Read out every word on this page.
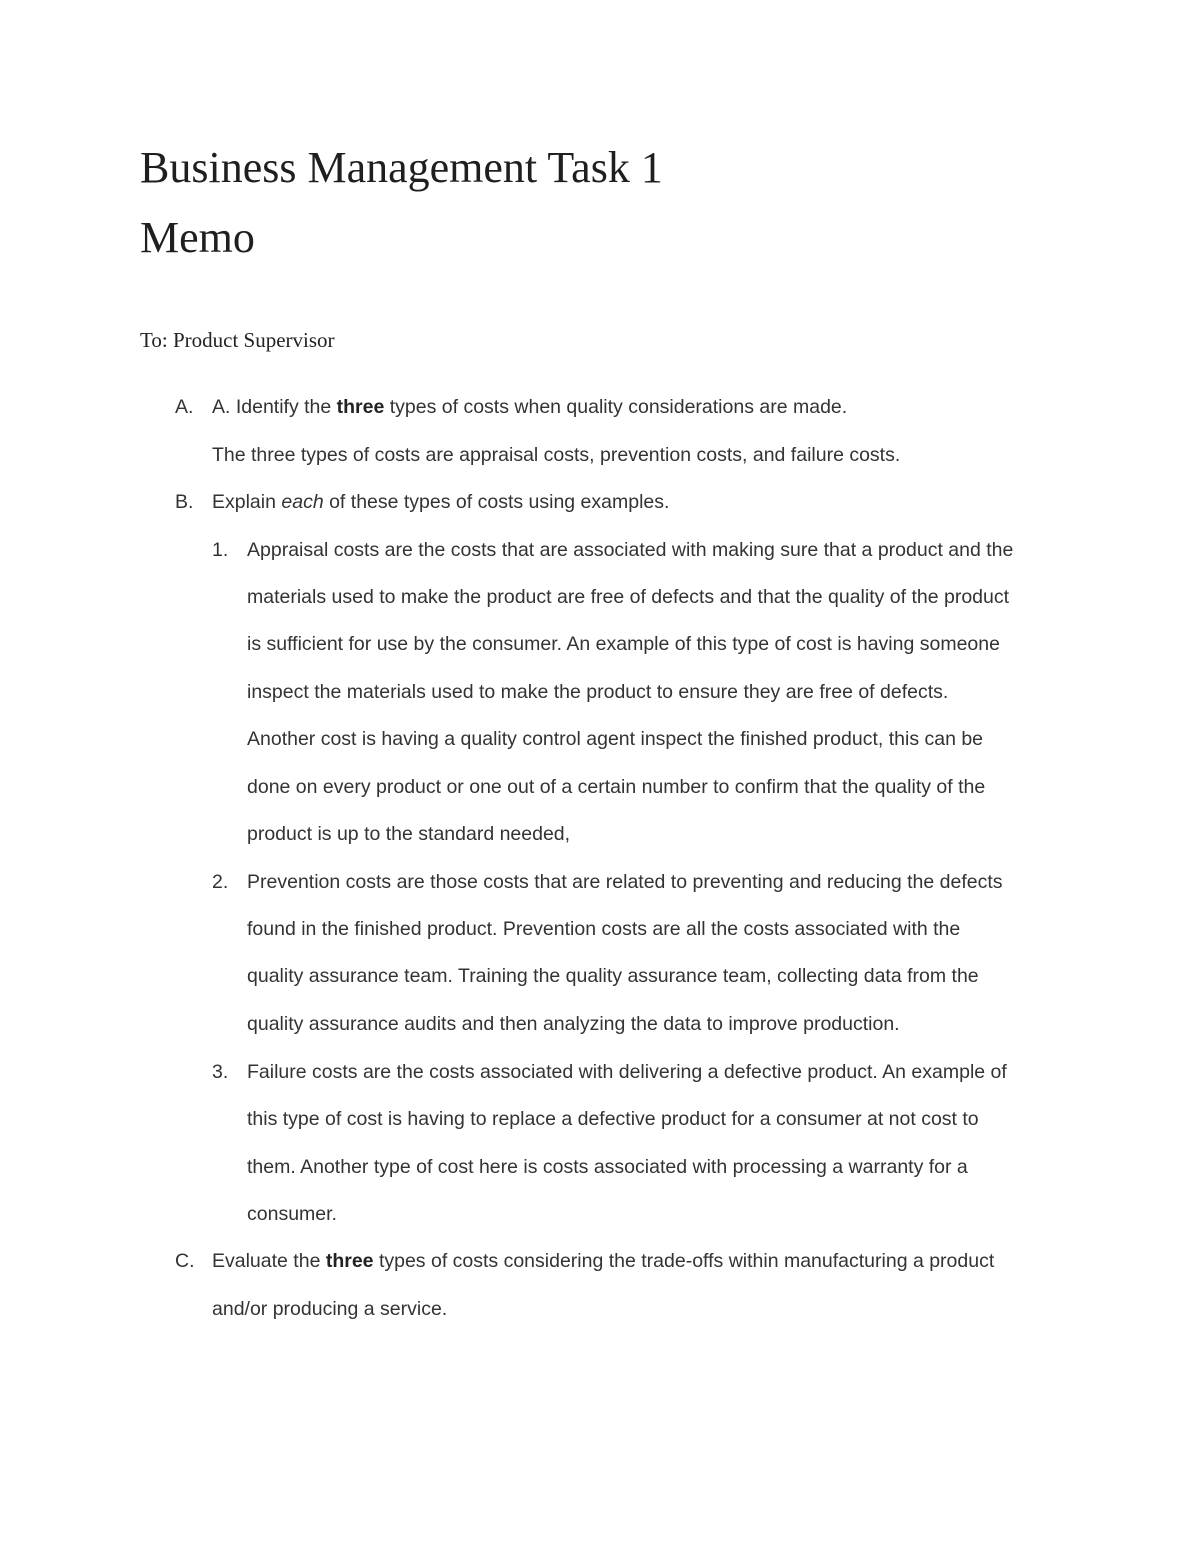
Business Management Task 1
Memo
To: Product Supervisor
A. A. Identify the three types of costs when quality considerations are made.
The three types of costs are appraisal costs, prevention costs, and failure costs.
B. Explain each of these types of costs using examples.
1. Appraisal costs are the costs that are associated with making sure that a product and the
materials used to make the product are free of defects and that the quality of the product
is sufficient for use by the consumer. An example of this type of cost is having someone
inspect the materials used to make the product to ensure they are free of defects.
Another cost is having a quality control agent inspect the finished product, this can be
done on every product or one out of a certain number to confirm that the quality of the
product is up to the standard needed,
2. Prevention costs are those costs that are related to preventing and reducing the defects
found in the finished product. Prevention costs are all the costs associated with the
quality assurance team. Training the quality assurance team, collecting data from the
quality assurance audits and then analyzing the data to improve production.
3. Failure costs are the costs associated with delivering a defective product. An example of
this type of cost is having to replace a defective product for a consumer at not cost to
them. Another type of cost here is costs associated with processing a warranty for a
consumer.
C. Evaluate the three types of costs considering the trade-offs within manufacturing a product
and/or producing a service.
